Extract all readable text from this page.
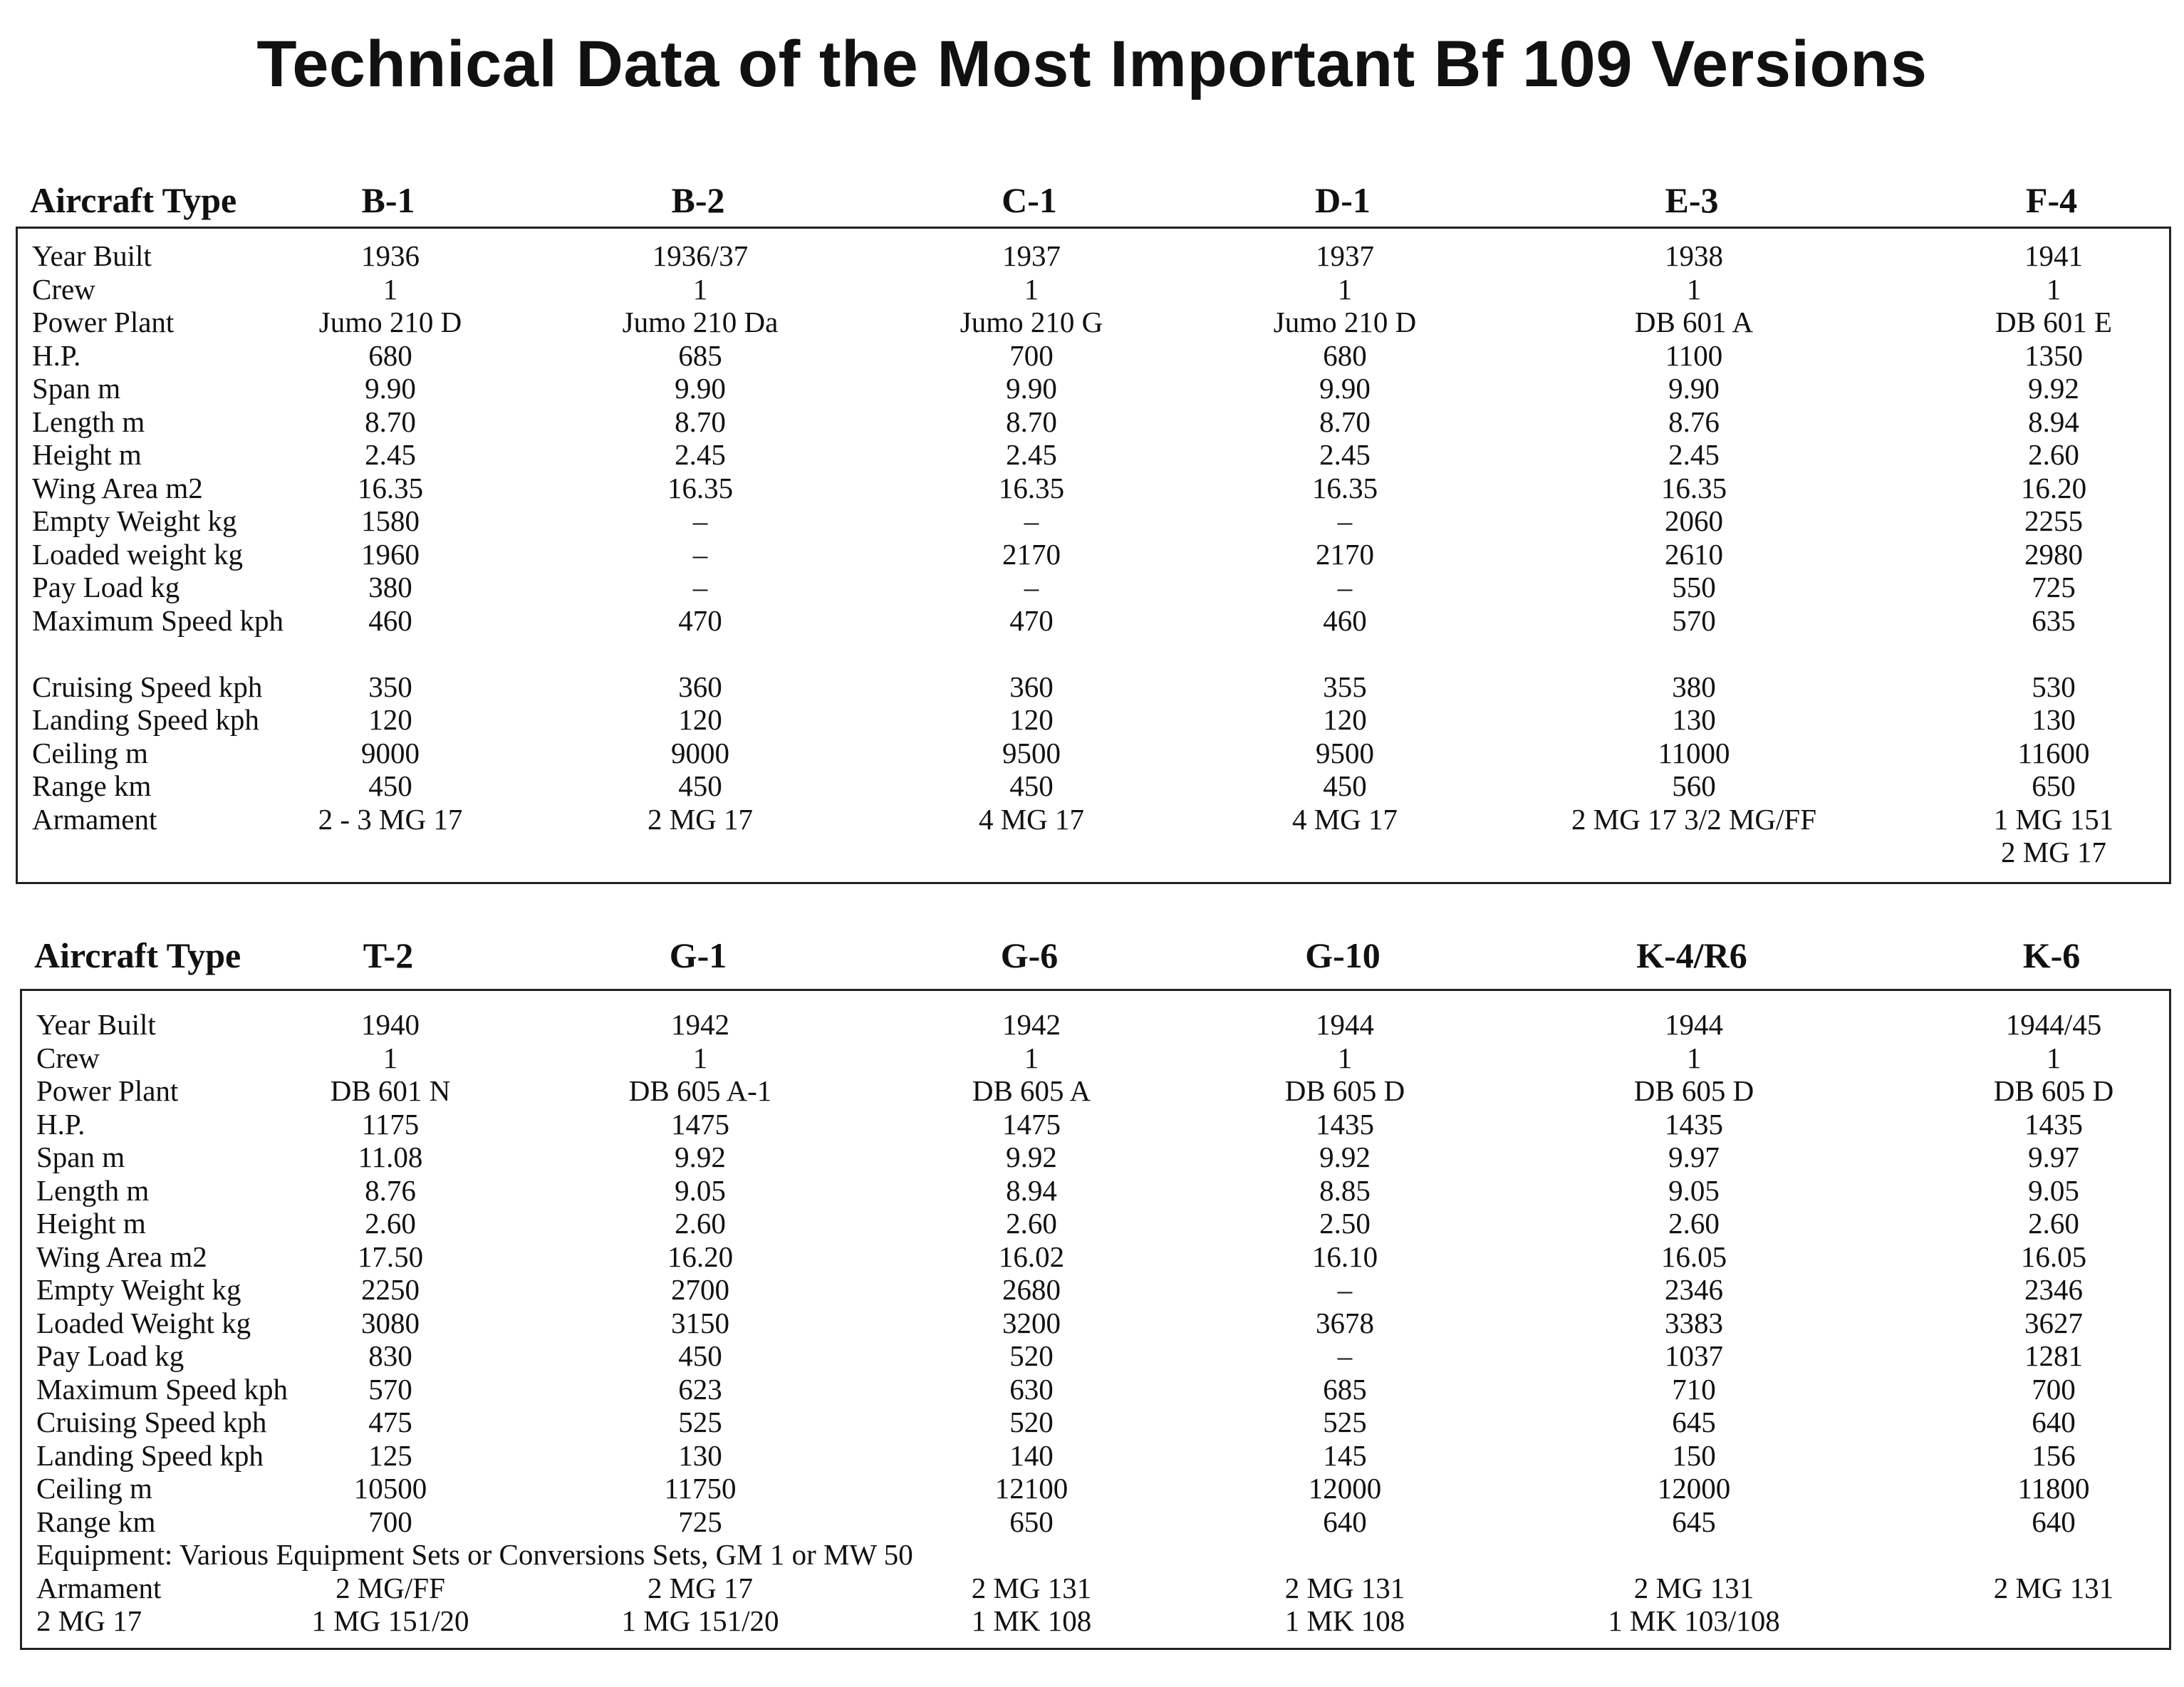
Technical Data of the Most Important Bf 109 Versions
Aircraft Type	B-1	B-2	C-1	D-1	E-3	F-4
Year Built	1936	1936/37	1937	1937	1938	1941
Crew	1	1	1	1	1	1
Power Plant	Jumo 210 D	Jumo 210 Da	Jumo 210 G	Jumo 210 D	DB 601 A	DB 601 E
H.P.	680	685	700	680	1100	1350
Span m	9.90	9.90	9.90	9.90	9.90	9.92
Length m	8.70	8.70	8.70	8.70	8.76	8.94
Height m	2.45	2.45	2.45	2.45	2.45	2.60
Wing Area m2	16.35	16.35	16.35	16.35	16.35	16.20
Empty Weight kg	1580	–	–	–	2060	2255
Loaded weight kg	1960	–	2170	2170	2610	2980
Pay Load kg	380	–	–	–	550	725
Maximum Speed kph	460	470	470	460	570	635
Cruising Speed kph	350	360	360	355	380	530
Landing Speed kph	120	120	120	120	130	130
Ceiling m	9000	9000	9500	9500	11000	11600
Range km	450	450	450	450	560	650
Armament	2 - 3 MG 17	2 MG 17	4 MG 17	4 MG 17	2 MG 17 3/2 MG/FF	1 MG 151
2 MG 17
Aircraft Type	T-2	G-1	G-6	G-10	K-4/R6	K-6
Year Built	1940	1942	1942	1944	1944	1944/45
Crew	1	1	1	1	1	1
Power Plant	DB 601 N	DB 605 A-1	DB 605 A	DB 605 D	DB 605 D	DB 605 D
H.P.	1175	1475	1475	1435	1435	1435
Span m	11.08	9.92	9.92	9.92	9.97	9.97
Length m	8.76	9.05	8.94	8.85	9.05	9.05
Height m	2.60	2.60	2.60	2.50	2.60	2.60
Wing Area m2	17.50	16.20	16.02	16.10	16.05	16.05
Empty Weight kg	2250	2700	2680	–	2346	2346
Loaded Weight kg	3080	3150	3200	3678	3383	3627
Pay Load kg	830	450	520	–	1037	1281
Maximum Speed kph	570	623	630	685	710	700
Cruising Speed kph	475	525	520	525	645	640
Landing Speed kph	125	130	140	145	150	156
Ceiling m	10500	11750	12100	12000	12000	11800
Range km	700	725	650	640	645	640
Equipment: Various Equipment Sets or Conversions Sets, GM 1 or MW 50
Armament	2 MG/FF	2 MG 17	2 MG 131	2 MG 131	2 MG 131	2 MG 131
2 MG 17	1 MG 151/20	1 MG 151/20	1 MK 108	1 MK 108	1 MK 103/108
